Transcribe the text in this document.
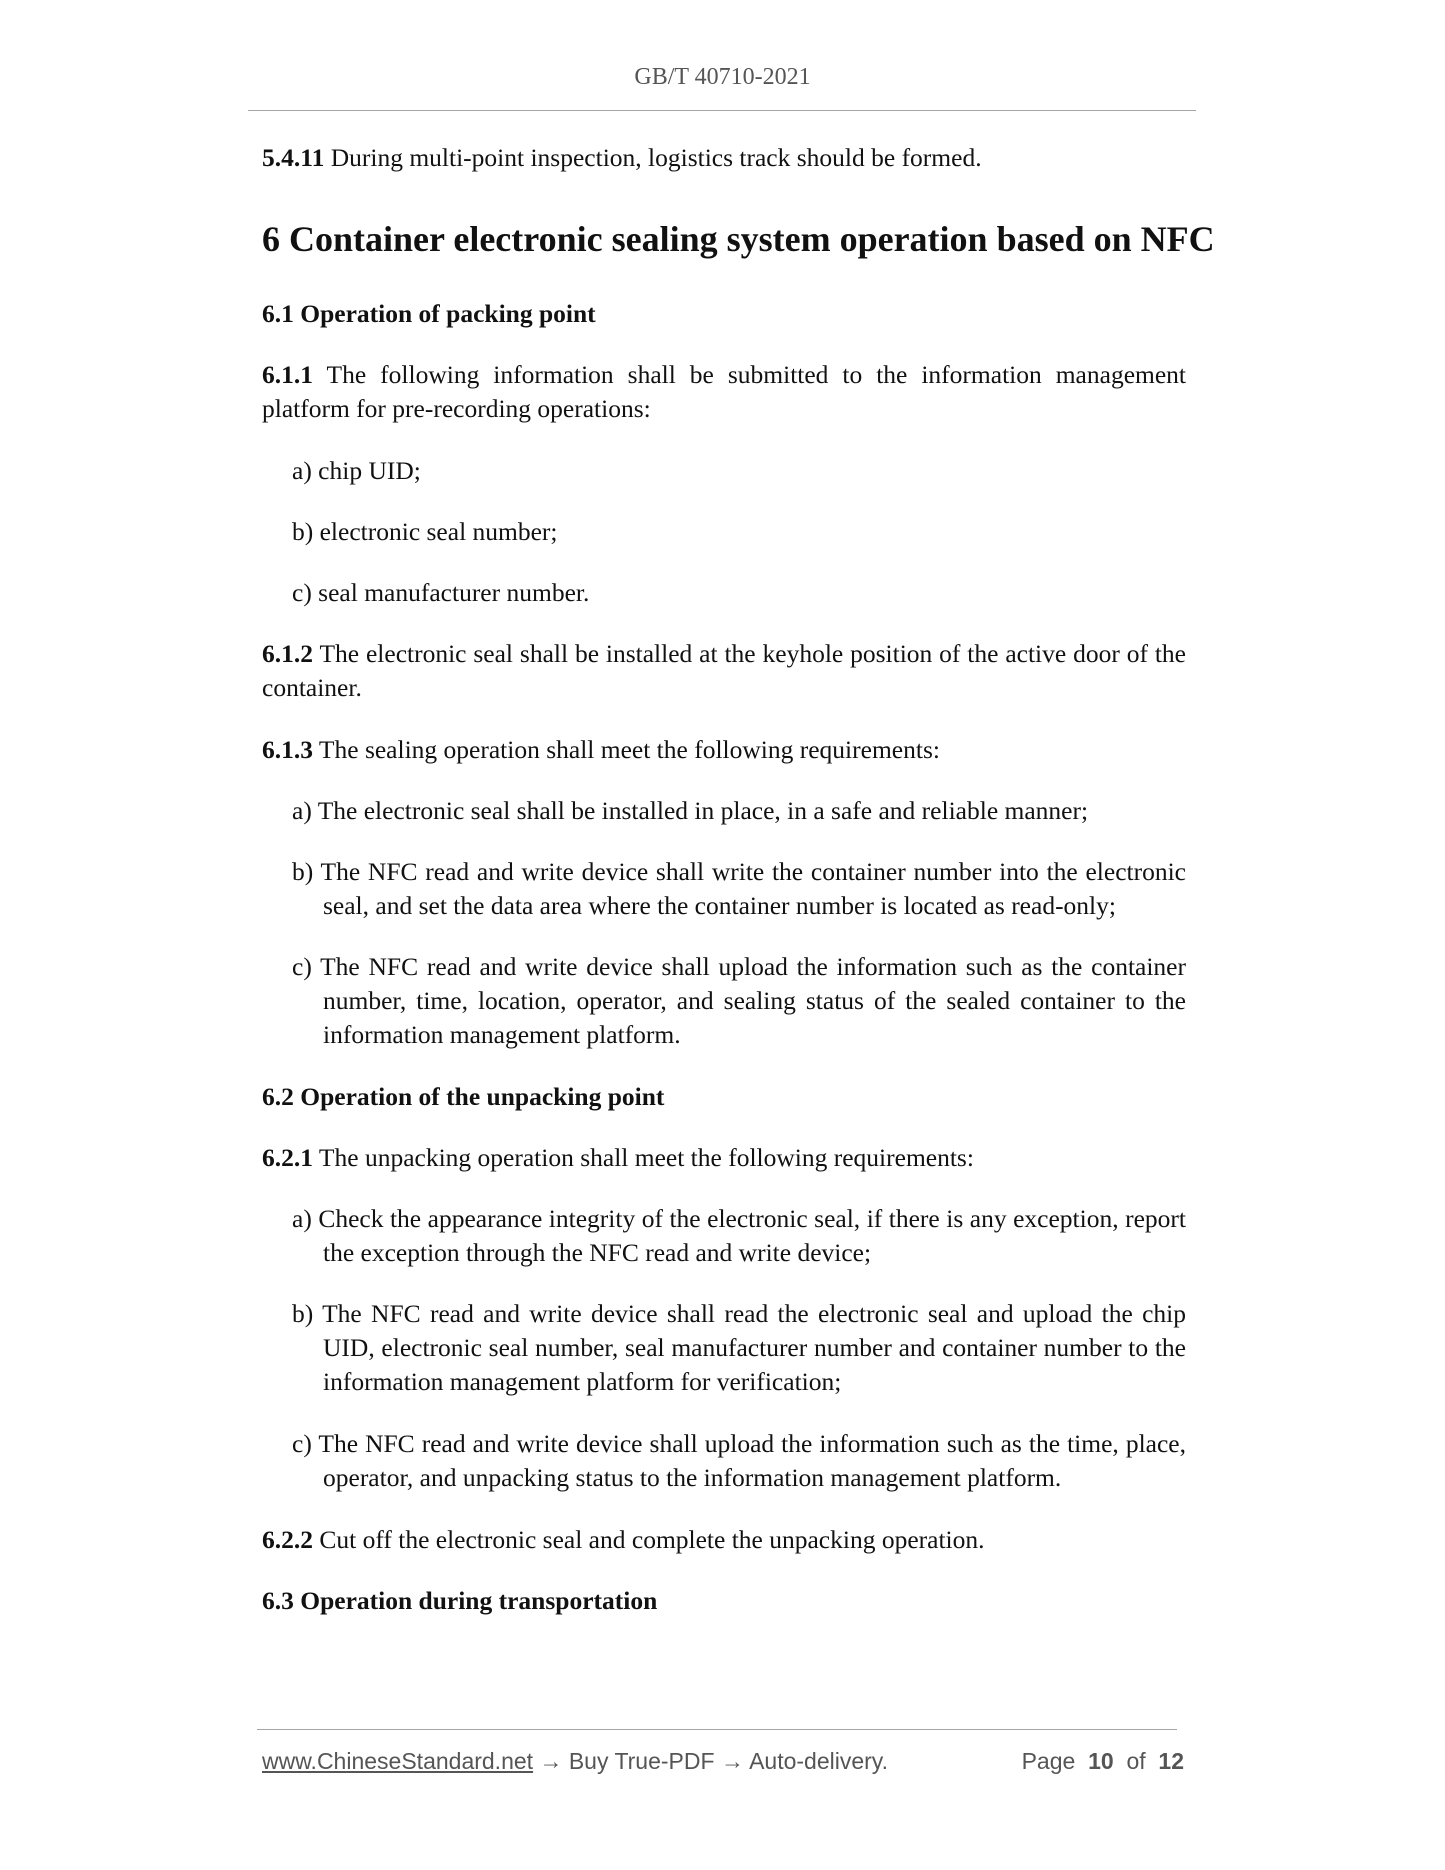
GB/T 40710-2021
5.4.11 During multi-point inspection, logistics track should be formed.
6 Container electronic sealing system operation based on NFC
6.1 Operation of packing point
6.1.1 The following information shall be submitted to the information management platform for pre-recording operations:
a) chip UID;
b) electronic seal number;
c) seal manufacturer number.
6.1.2 The electronic seal shall be installed at the keyhole position of the active door of the container.
6.1.3 The sealing operation shall meet the following requirements:
a) The electronic seal shall be installed in place, in a safe and reliable manner;
b) The NFC read and write device shall write the container number into the electronic seal, and set the data area where the container number is located as read-only;
c) The NFC read and write device shall upload the information such as the container number, time, location, operator, and sealing status of the sealed container to the information management platform.
6.2 Operation of the unpacking point
6.2.1 The unpacking operation shall meet the following requirements:
a) Check the appearance integrity of the electronic seal, if there is any exception, report the exception through the NFC read and write device;
b) The NFC read and write device shall read the electronic seal and upload the chip UID, electronic seal number, seal manufacturer number and container number to the information management platform for verification;
c) The NFC read and write device shall upload the information such as the time, place, operator, and unpacking status to the information management platform.
6.2.2 Cut off the electronic seal and complete the unpacking operation.
6.3 Operation during transportation
www.ChineseStandard.net → Buy True-PDF → Auto-delivery.	Page 10 of 12
